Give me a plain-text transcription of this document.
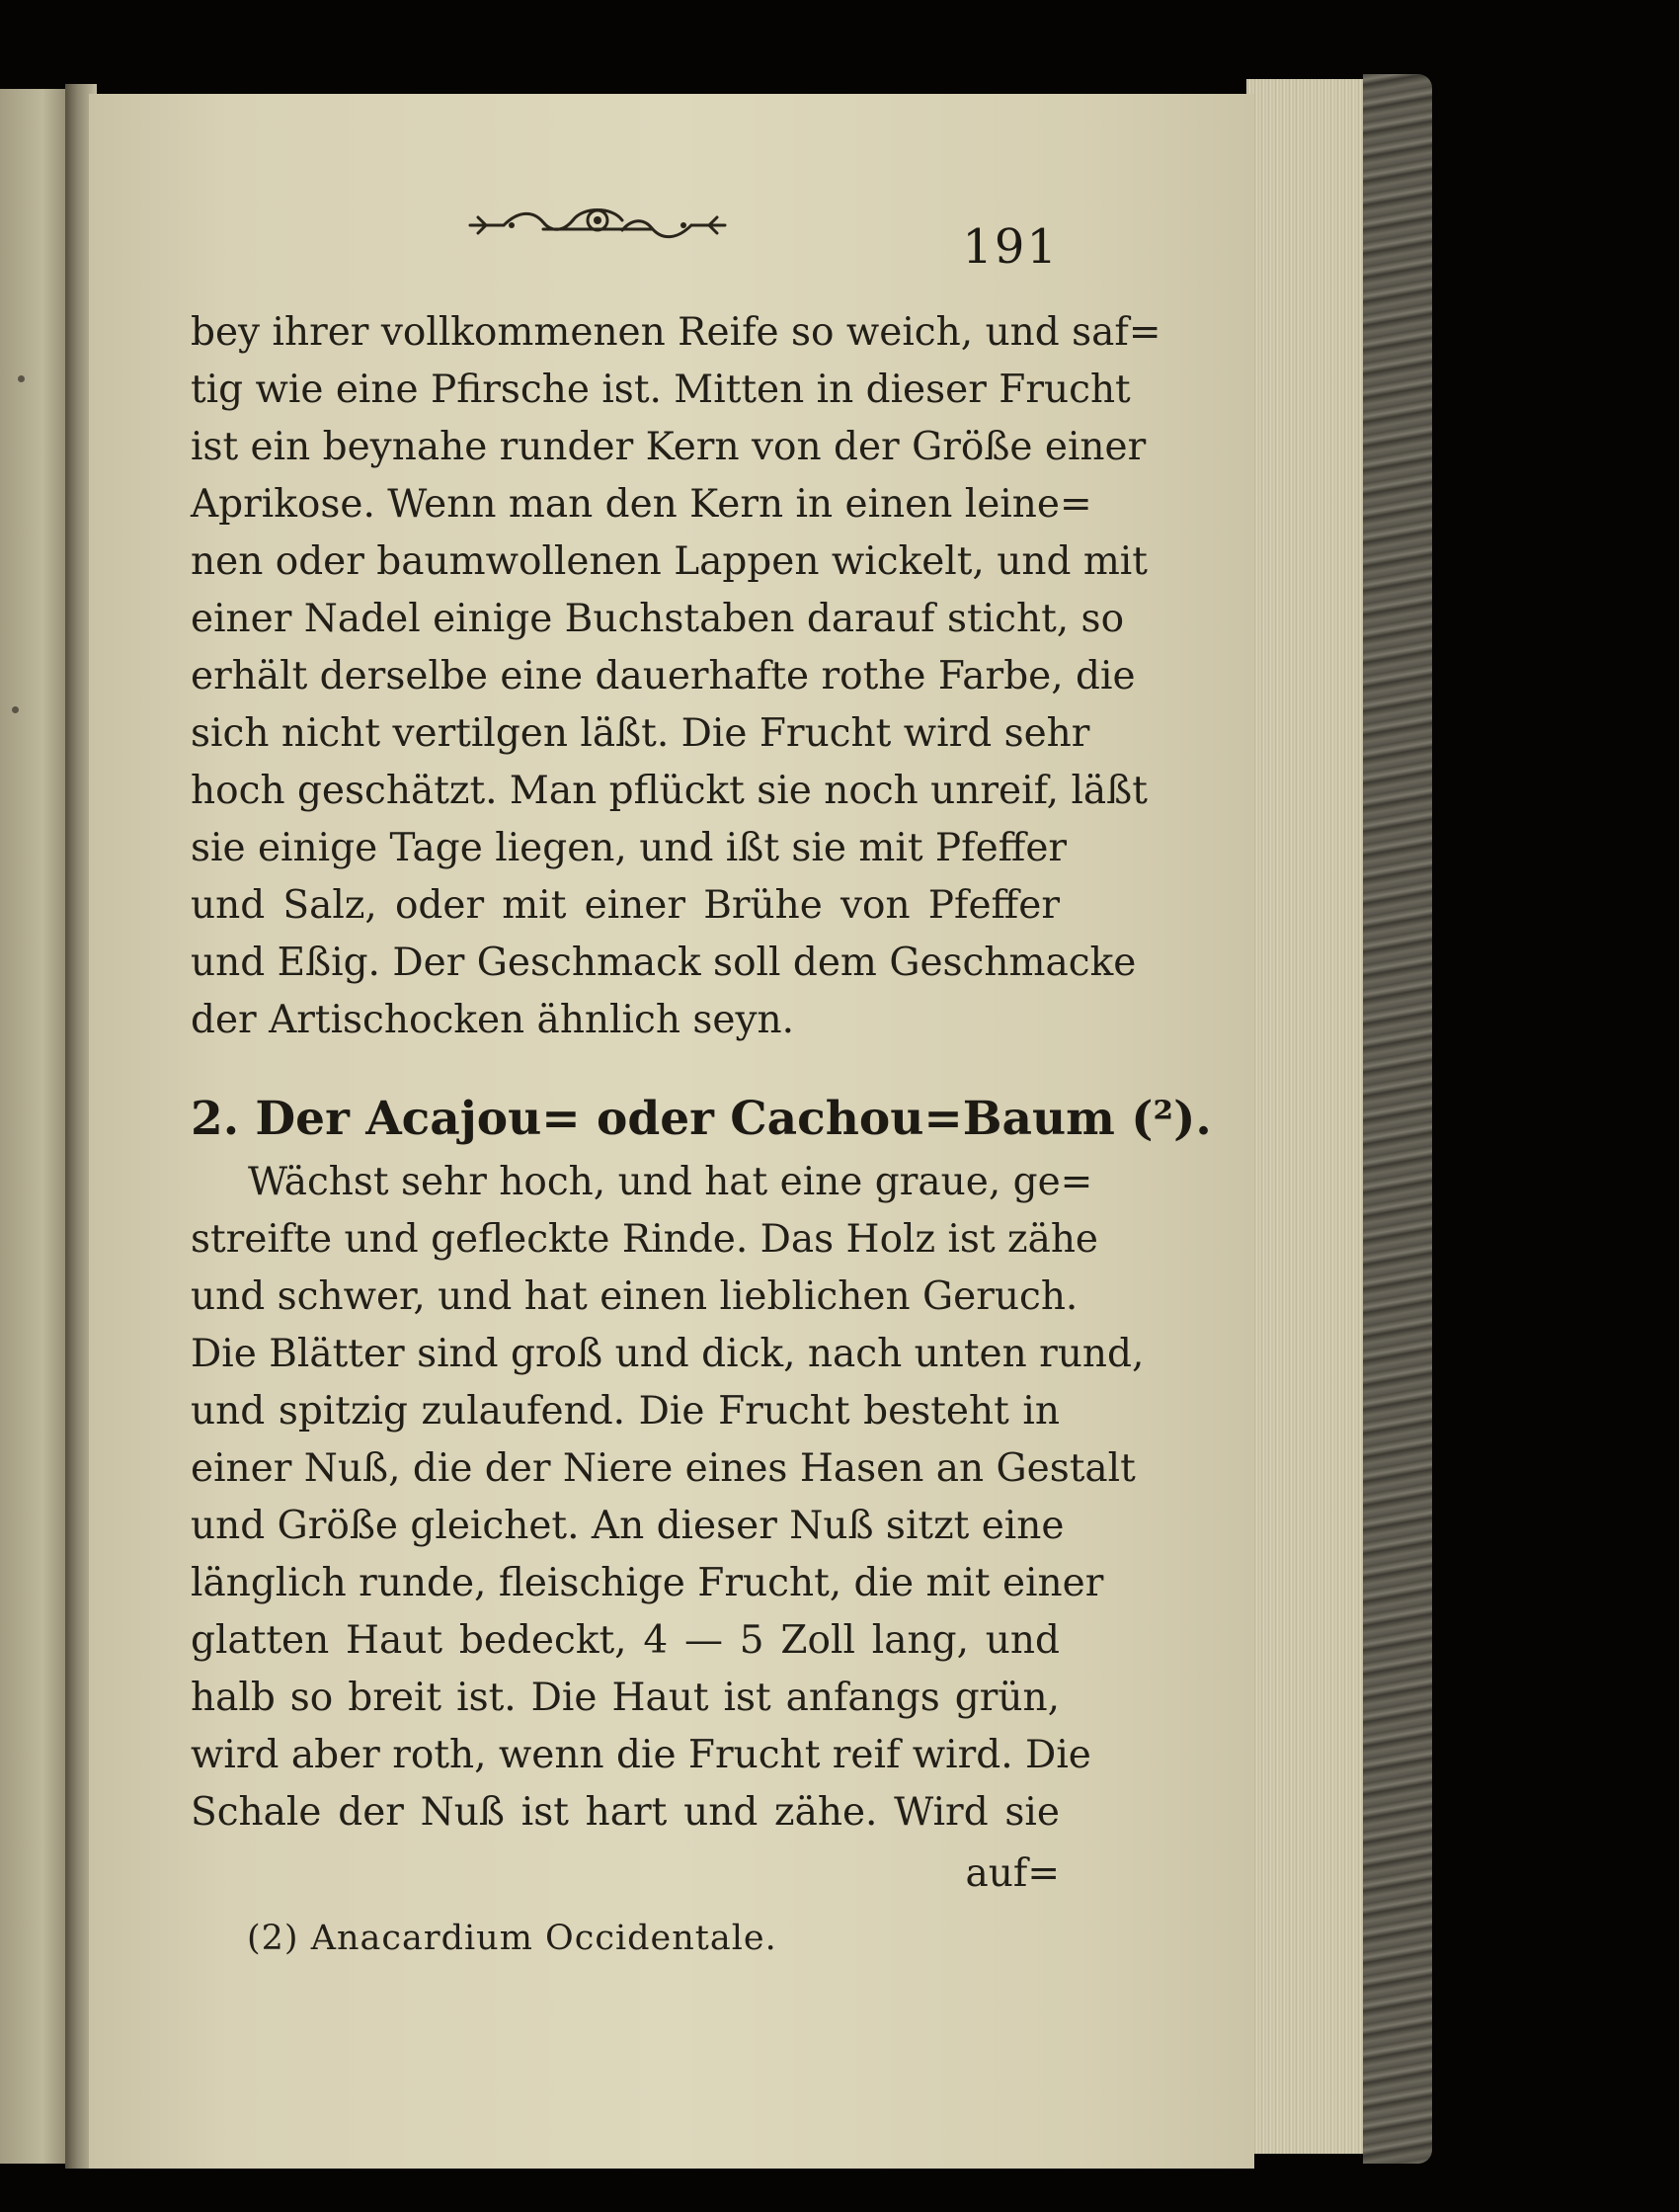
191
bey ihrer vollkommenen Reife so weich, und saf=
tig wie eine Pfirsche ist. Mitten in dieser Frucht
ist ein beynahe runder Kern von der Größe einer
Aprikose. Wenn man den Kern in einen leine=
nen oder baumwollenen Lappen wickelt, und mit
einer Nadel einige Buchstaben darauf sticht, so
erhält derselbe eine dauerhafte rothe Farbe, die
sich nicht vertilgen läßt. Die Frucht wird sehr
hoch geschätzt. Man pflückt sie noch unreif, läßt
sie einige Tage liegen, und ißt sie mit Pfeffer
und Salz, oder mit einer Brühe von Pfeffer
und Eßig. Der Geschmack soll dem Geschmacke
der Artischocken ähnlich seyn.
2. Der Acajou= oder Cachou=Baum (²).
Wächst sehr hoch, und hat eine graue, ge=
streifte und gefleckte Rinde. Das Holz ist zähe
und schwer, und hat einen lieblichen Geruch.
Die Blätter sind groß und dick, nach unten rund,
und spitzig zulaufend. Die Frucht besteht in
einer Nuß, die der Niere eines Hasen an Gestalt
und Größe gleichet. An dieser Nuß sitzt eine
länglich runde, fleischige Frucht, die mit einer
glatten Haut bedeckt, 4 — 5 Zoll lang, und
halb so breit ist. Die Haut ist anfangs grün,
wird aber roth, wenn die Frucht reif wird. Die
Schale der Nuß ist hart und zähe. Wird sie
auf=
(2) Anacardium Occidentale.
